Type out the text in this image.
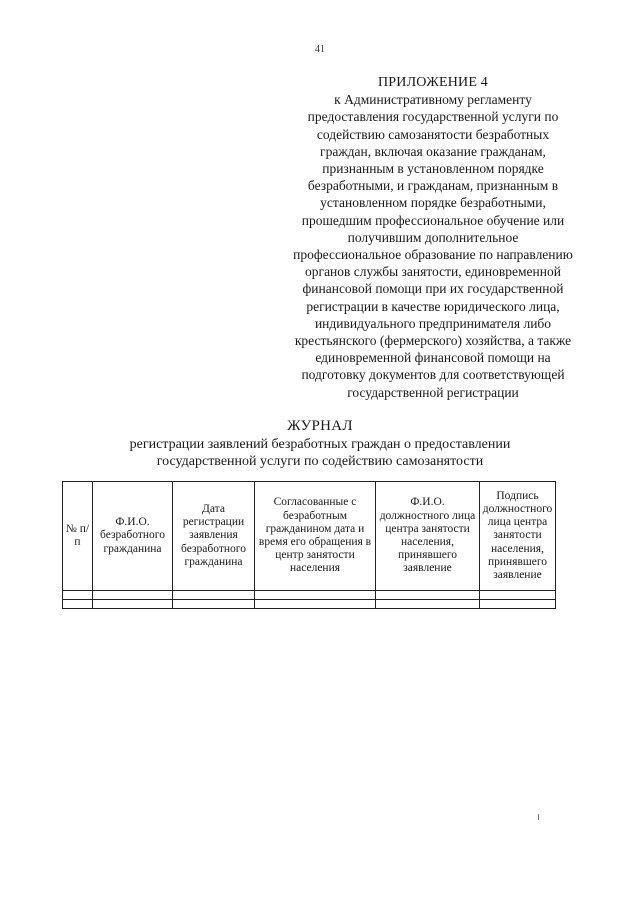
41
ПРИЛОЖЕНИЕ 4
к Административному регламенту
предоставления государственной услуги по
содействию самозанятости безработных
граждан, включая оказание гражданам,
признанным в установленном порядке
безработными, и гражданам, признанным в
установленном порядке безработными,
прошедшим профессиональное обучение или
получившим дополнительное
профессиональное образование по направлению
органов службы занятости, единовременной
финансовой помощи при их государственной
регистрации в качестве юридического лица,
индивидуального предпринимателя либо
крестьянского (фермерского) хозяйства, а также
единовременной финансовой помощи на
подготовку документов для соответствующей
государственной регистрации
ЖУРНАЛ
регистрации заявлений безработных граждан о предоставлении
государственной услуги по содействию самозанятости
№ п/п	Ф.И.О. безработного гражданина	Дата регистрации заявления безработного гражданина	Согласованные с безработным гражданином дата и время его обращения в центр занятости населения	Ф.И.О. должностного лица центра занятости населения, принявшего заявление	Подпись должностного лица центра занятости населения, принявшего заявление
